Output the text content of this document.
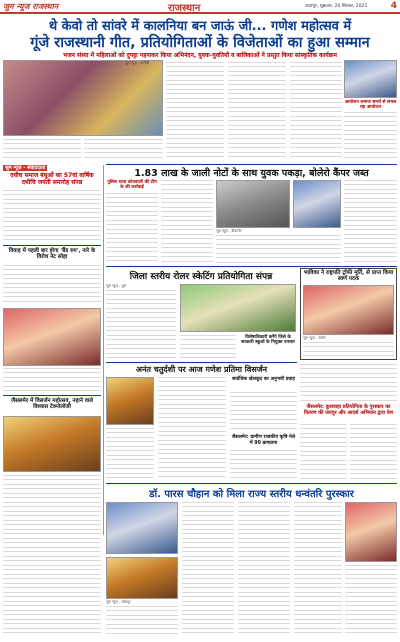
जुम न्यूज राजस्थान	राजस्थान	उदयपुर, शुक्रवार, 26 सितंबर, 2025	4
थे केवो तो सांवरे में कालनिया बन जाऊं जी... गणेश महोत्सव में
गूंजे राजस्थानी गीत, प्रतियोगिताओं के विजेताओं का हुआ सम्मान
भजन संध्या में महिलाओं को दुपट्टा पहनाकर किया अभिनंदन, युवक-युवतियों व बालिकाओं ने प्रस्तुत किया सांस्कृतिक कार्यक्रम
जुम न्यूज़ - फलौदी
आयोजन समाज समर्थ से संभल रहा आयोजन
जुम न्यूज़ - संवाददाता
दधीच समाज बंधुओं का 57वां वार्षिक दधीचि जयंती समारोह संपन्न
विवाह में पहली बार होगा 'बैंड रुम', नारे के विरोध नेट सोहा
जैसलमेर में विसर्जन महोत्सव, नहाने वाले विश्वास टेक्नोलॉजी
1.83 लाख के जाली नोटों के साथ युवक पकड़ा, बोलेरो कैंपर जब्त
पुलिस थाना कोतवाली की टीम के की कार्रवाई
जुम न्यूज़ - बीकानेर
जिला स्तरीय रोलर स्केटिंग प्रतियोगिता संपन्न
जुम न्यूज़ - चूरू
विशेषाधिकारी करेंगे जिले के सरकारी स्कूलों के नियुक्त उपचार
भाविका ने राष्ट्रपति ट्रॉफी मूर्ति, से प्राप्त किया स्वर्ण पदक
जुम न्यूज़ - नागौर
अनंत चतुर्दशी पर आज गणेश प्रतिमा विसर्जन
सर्वाधिक खेलकूद का अनुभवी प्रवाह
जैसलमेर: ग्रामीण राजकीय कृषि मेले में 90 क्रमप्रामा
जैसलमेर: कुशवाहा प्रतियोगिता के पुरस्कार का वितरण की जयपुर और आदर्श अभियान द्वारा पेश
डॉ. पारस चौहान को मिला राज्य स्तरीय धन्वंतरि पुरस्कार
जुम न्यूज़ - जोधपुर
